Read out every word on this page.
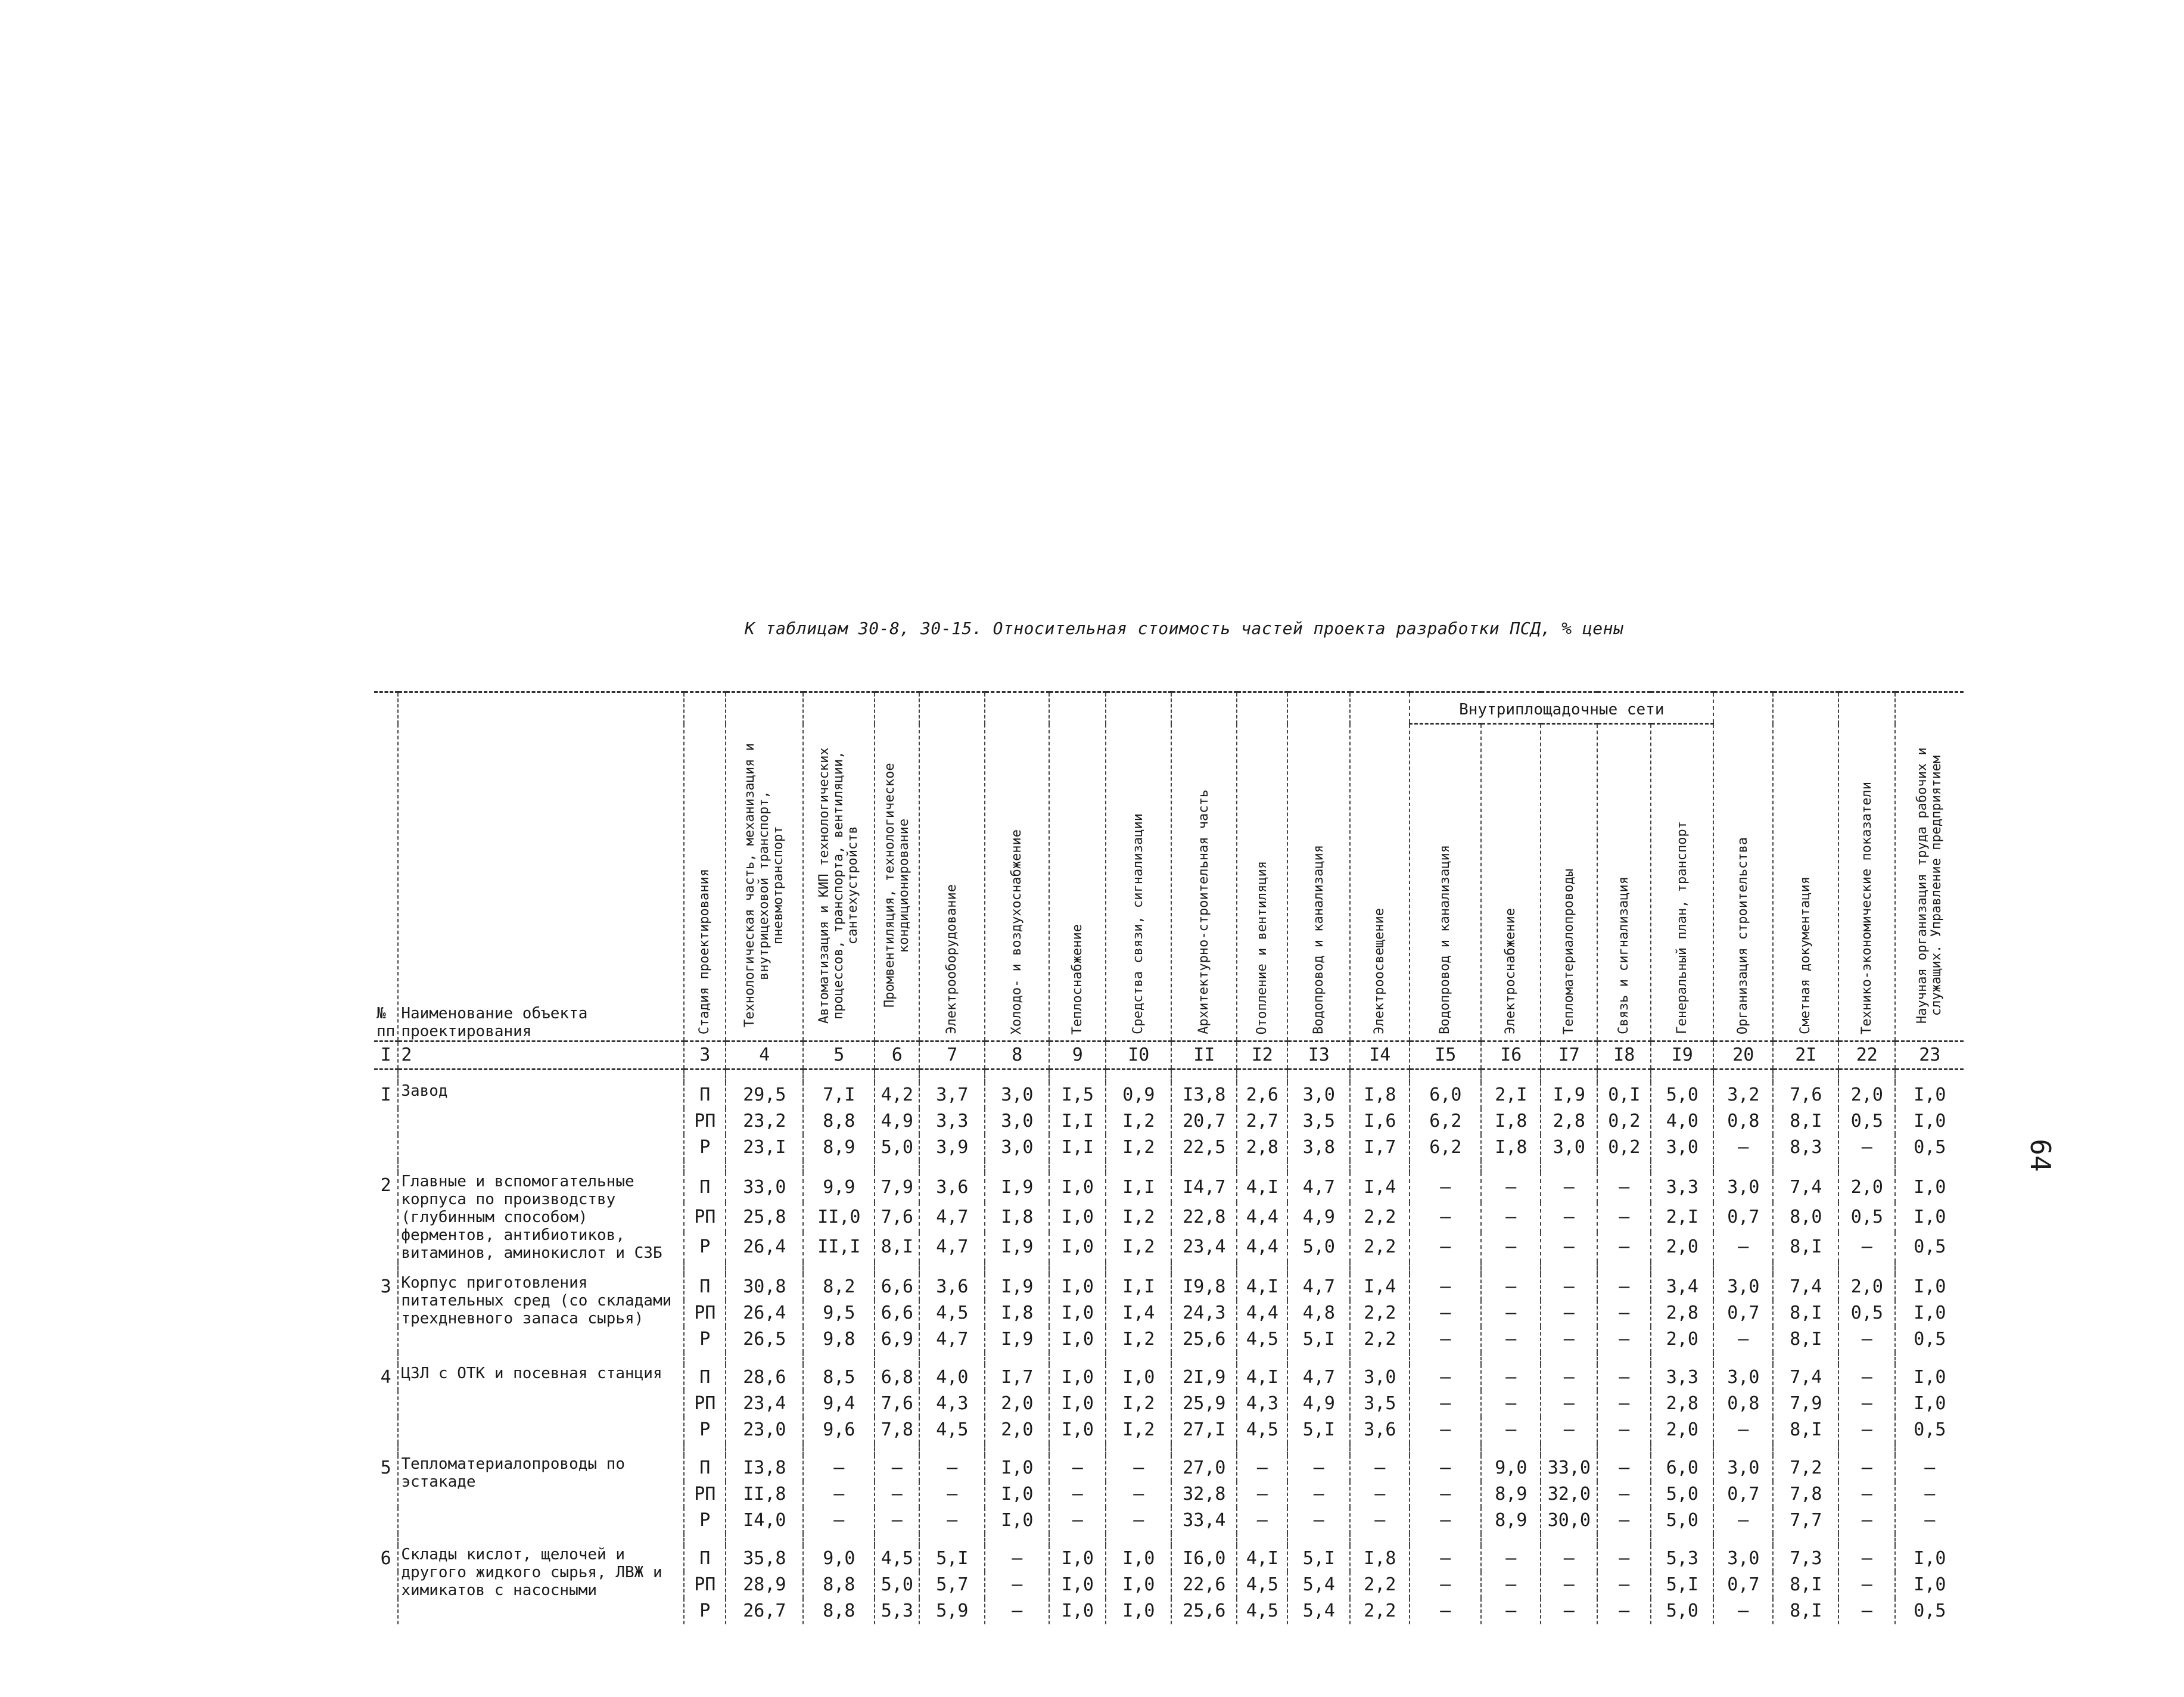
К таблицам 30-8, 30-15. Относительная стоимость частей проекта разработки ПСД, % цены
64
№ пп	Наименование объекта проектирования	Стадия проектирования	Технологическая часть, механизация и внутрицеховой транспорт, пневмотранспорт	Автоматизация и КИП технологических процессов, транспорта, вентиляции, сантехустройств	Промвентиляция, технологическое кондиционирование	Электрооборудование	Холодо- и воздухоснабжение	Теплоснабжение	Средства связи, сигнализации	Архитектурно-строительная часть	Отопление и вентиляция	Водопровод и канализация	Электроосвещение	Внутриплощадочные сети					Организация строительства	Сметная документация	Технико-экономические показатели	Научная организация труда рабочих и служащих. Управление предприятием

														Водопровод и канализация	Электроснабжение	Тепломатериалопроводы	Связь и сигнализация	Генеральный план, транспорт				

I	2	3	4	5	6	7	8	9	I0	II	I2	I3	I4	I5	I6	I7	I8	I9	20	2I	22	23

I	Завод	П	29,5	7,I	4,2	3,7	3,0	I,5	0,9	I3,8	2,6	3,0	I,8	6,0	2,I	I,9	0,I	5,0	3,2	7,6	2,0	I,0
		РП	23,2	8,8	4,9	3,3	3,0	I,I	I,2	20,7	2,7	3,5	I,6	6,2	I,8	2,8	0,2	4,0	0,8	8,I	0,5	I,0
		Р	23,I	8,9	5,0	3,9	3,0	I,I	I,2	22,5	2,8	3,8	I,7	6,2	I,8	3,0	0,2	3,0	–	8,3	–	0,5

2	Главные и вспомогательные корпуса по производству (глубинным способом) ферментов, антибиотиков, витаминов, аминокислот и СЗБ	П	33,0	9,9	7,9	3,6	I,9	I,0	I,I	I4,7	4,I	4,7	I,4	–	–	–	–	3,3	3,0	7,4	2,0	I,0
		РП	25,8	II,0	7,6	4,7	I,8	I,0	I,2	22,8	4,4	4,9	2,2	–	–	–	–	2,I	0,7	8,0	0,5	I,0
		Р	26,4	II,I	8,I	4,7	I,9	I,0	I,2	23,4	4,4	5,0	2,2	–	–	–	–	2,0	–	8,I	–	0,5

3	Корпус приготовления питательных сред (со складами трехдневного запаса сырья)	П	30,8	8,2	6,6	3,6	I,9	I,0	I,I	I9,8	4,I	4,7	I,4	–	–	–	–	3,4	3,0	7,4	2,0	I,0
		РП	26,4	9,5	6,6	4,5	I,8	I,0	I,4	24,3	4,4	4,8	2,2	–	–	–	–	2,8	0,7	8,I	0,5	I,0
		Р	26,5	9,8	6,9	4,7	I,9	I,0	I,2	25,6	4,5	5,I	2,2	–	–	–	–	2,0	–	8,I	–	0,5

4	ЦЗЛ с ОТК и посевная станция	П	28,6	8,5	6,8	4,0	I,7	I,0	I,0	2I,9	4,I	4,7	3,0	–	–	–	–	3,3	3,0	7,4	–	I,0
		РП	23,4	9,4	7,6	4,3	2,0	I,0	I,2	25,9	4,3	4,9	3,5	–	–	–	–	2,8	0,8	7,9	–	I,0
		Р	23,0	9,6	7,8	4,5	2,0	I,0	I,2	27,I	4,5	5,I	3,6	–	–	–	–	2,0	–	8,I	–	0,5

5	Тепломатериалопроводы по эстакаде	П	I3,8	–	–	–	I,0	–	–	27,0	–	–	–	–	9,0	33,0	–	6,0	3,0	7,2	–	–
		РП	II,8	–	–	–	I,0	–	–	32,8	–	–	–	–	8,9	32,0	–	5,0	0,7	7,8	–	–
		Р	I4,0	–	–	–	I,0	–	–	33,4	–	–	–	–	8,9	30,0	–	5,0	–	7,7	–	–

6	Склады кислот, щелочей и другого жидкого сырья, ЛВЖ и химикатов с насосными	П	35,8	9,0	4,5	5,I	–	I,0	I,0	I6,0	4,I	5,I	I,8	–	–	–	–	5,3	3,0	7,3	–	I,0
		РП	28,9	8,8	5,0	5,7	–	I,0	I,0	22,6	4,5	5,4	2,2	–	–	–	–	5,I	0,7	8,I	–	I,0
		Р	26,7	8,8	5,3	5,9	–	I,0	I,0	25,6	4,5	5,4	2,2	–	–	–	–	5,0	–	8,I	–	0,5
